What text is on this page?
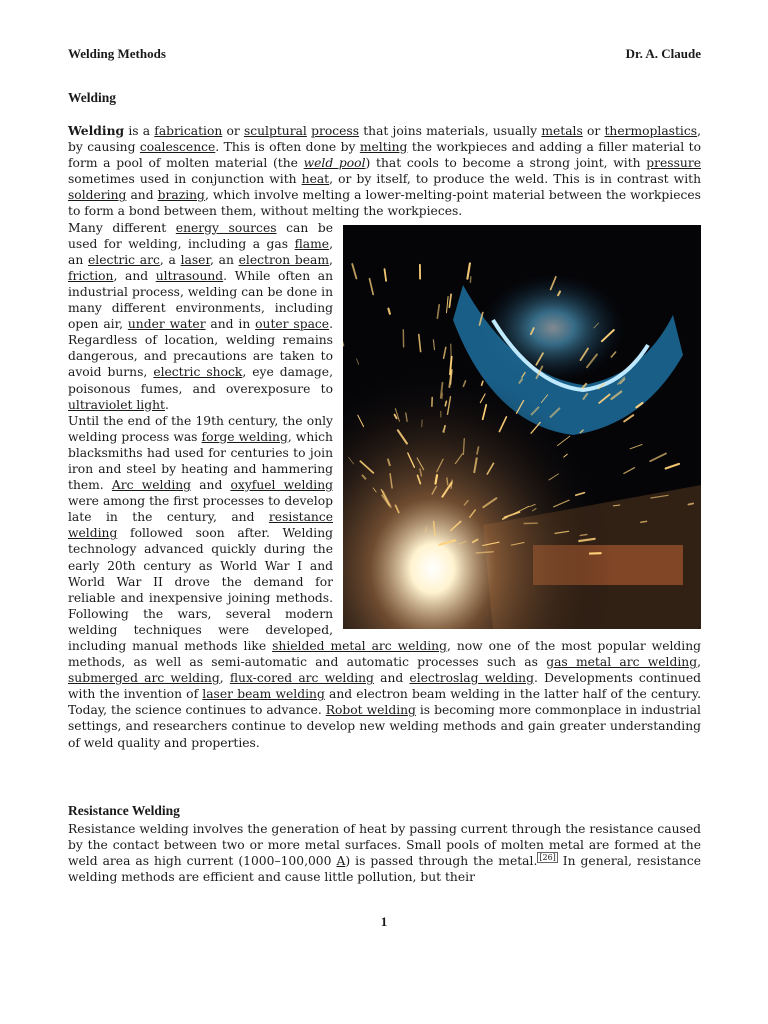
Welding Methods	Dr. A. Claude
Welding
Welding is a fabrication or sculptural process that joins materials, usually metals or thermoplastics, by causing coalescence. This is often done by melting the workpieces and adding a filler material to form a pool of molten material (the weld pool) that cools to become a strong joint, with pressure sometimes used in conjunction with heat, or by itself, to produce the weld. This is in contrast with soldering and brazing, which involve melting a lower-melting-point material between the workpieces to form a bond between them, without melting the workpieces.
Many different energy sources can be used for welding, including a gas flame, an electric arc, a laser, an electron beam, friction, and ultrasound. While often an industrial process, welding can be done in many different environments, including open air, under water and in outer space. Regardless of location, welding remains dangerous, and precautions are taken to avoid burns, electric shock, eye damage, poisonous fumes, and overexposure to ultraviolet light.
Until the end of the 19th century, the only welding process was forge welding, which blacksmiths had used for centuries to join iron and steel by heating and hammering them. Arc welding and oxyfuel welding were among the first processes to develop late in the century, and resistance welding followed soon after. Welding technology advanced quickly during the early 20th century as World War I and World War II drove the demand for reliable and inexpensive joining methods. Following the wars, several modern welding techniques were developed, including manual methods like shielded metal arc welding, now one of the most popular welding methods, as well as semi-automatic and automatic processes such as gas metal arc welding, submerged arc welding, flux-cored arc welding and electroslag welding. Developments continued with the invention of laser beam welding and electron beam welding in the latter half of the century. Today, the science continues to advance. Robot welding is becoming more commonplace in industrial settings, and researchers continue to develop new welding methods and gain greater understanding of weld quality and properties.
Resistance Welding
Resistance welding involves the generation of heat by passing current through the resistance caused by the contact between two or more metal surfaces. Small pools of molten metal are formed at the weld area as high current (1000–100,000 A) is passed through the metal. [26] In general, resistance welding methods are efficient and cause little pollution, but their
1
